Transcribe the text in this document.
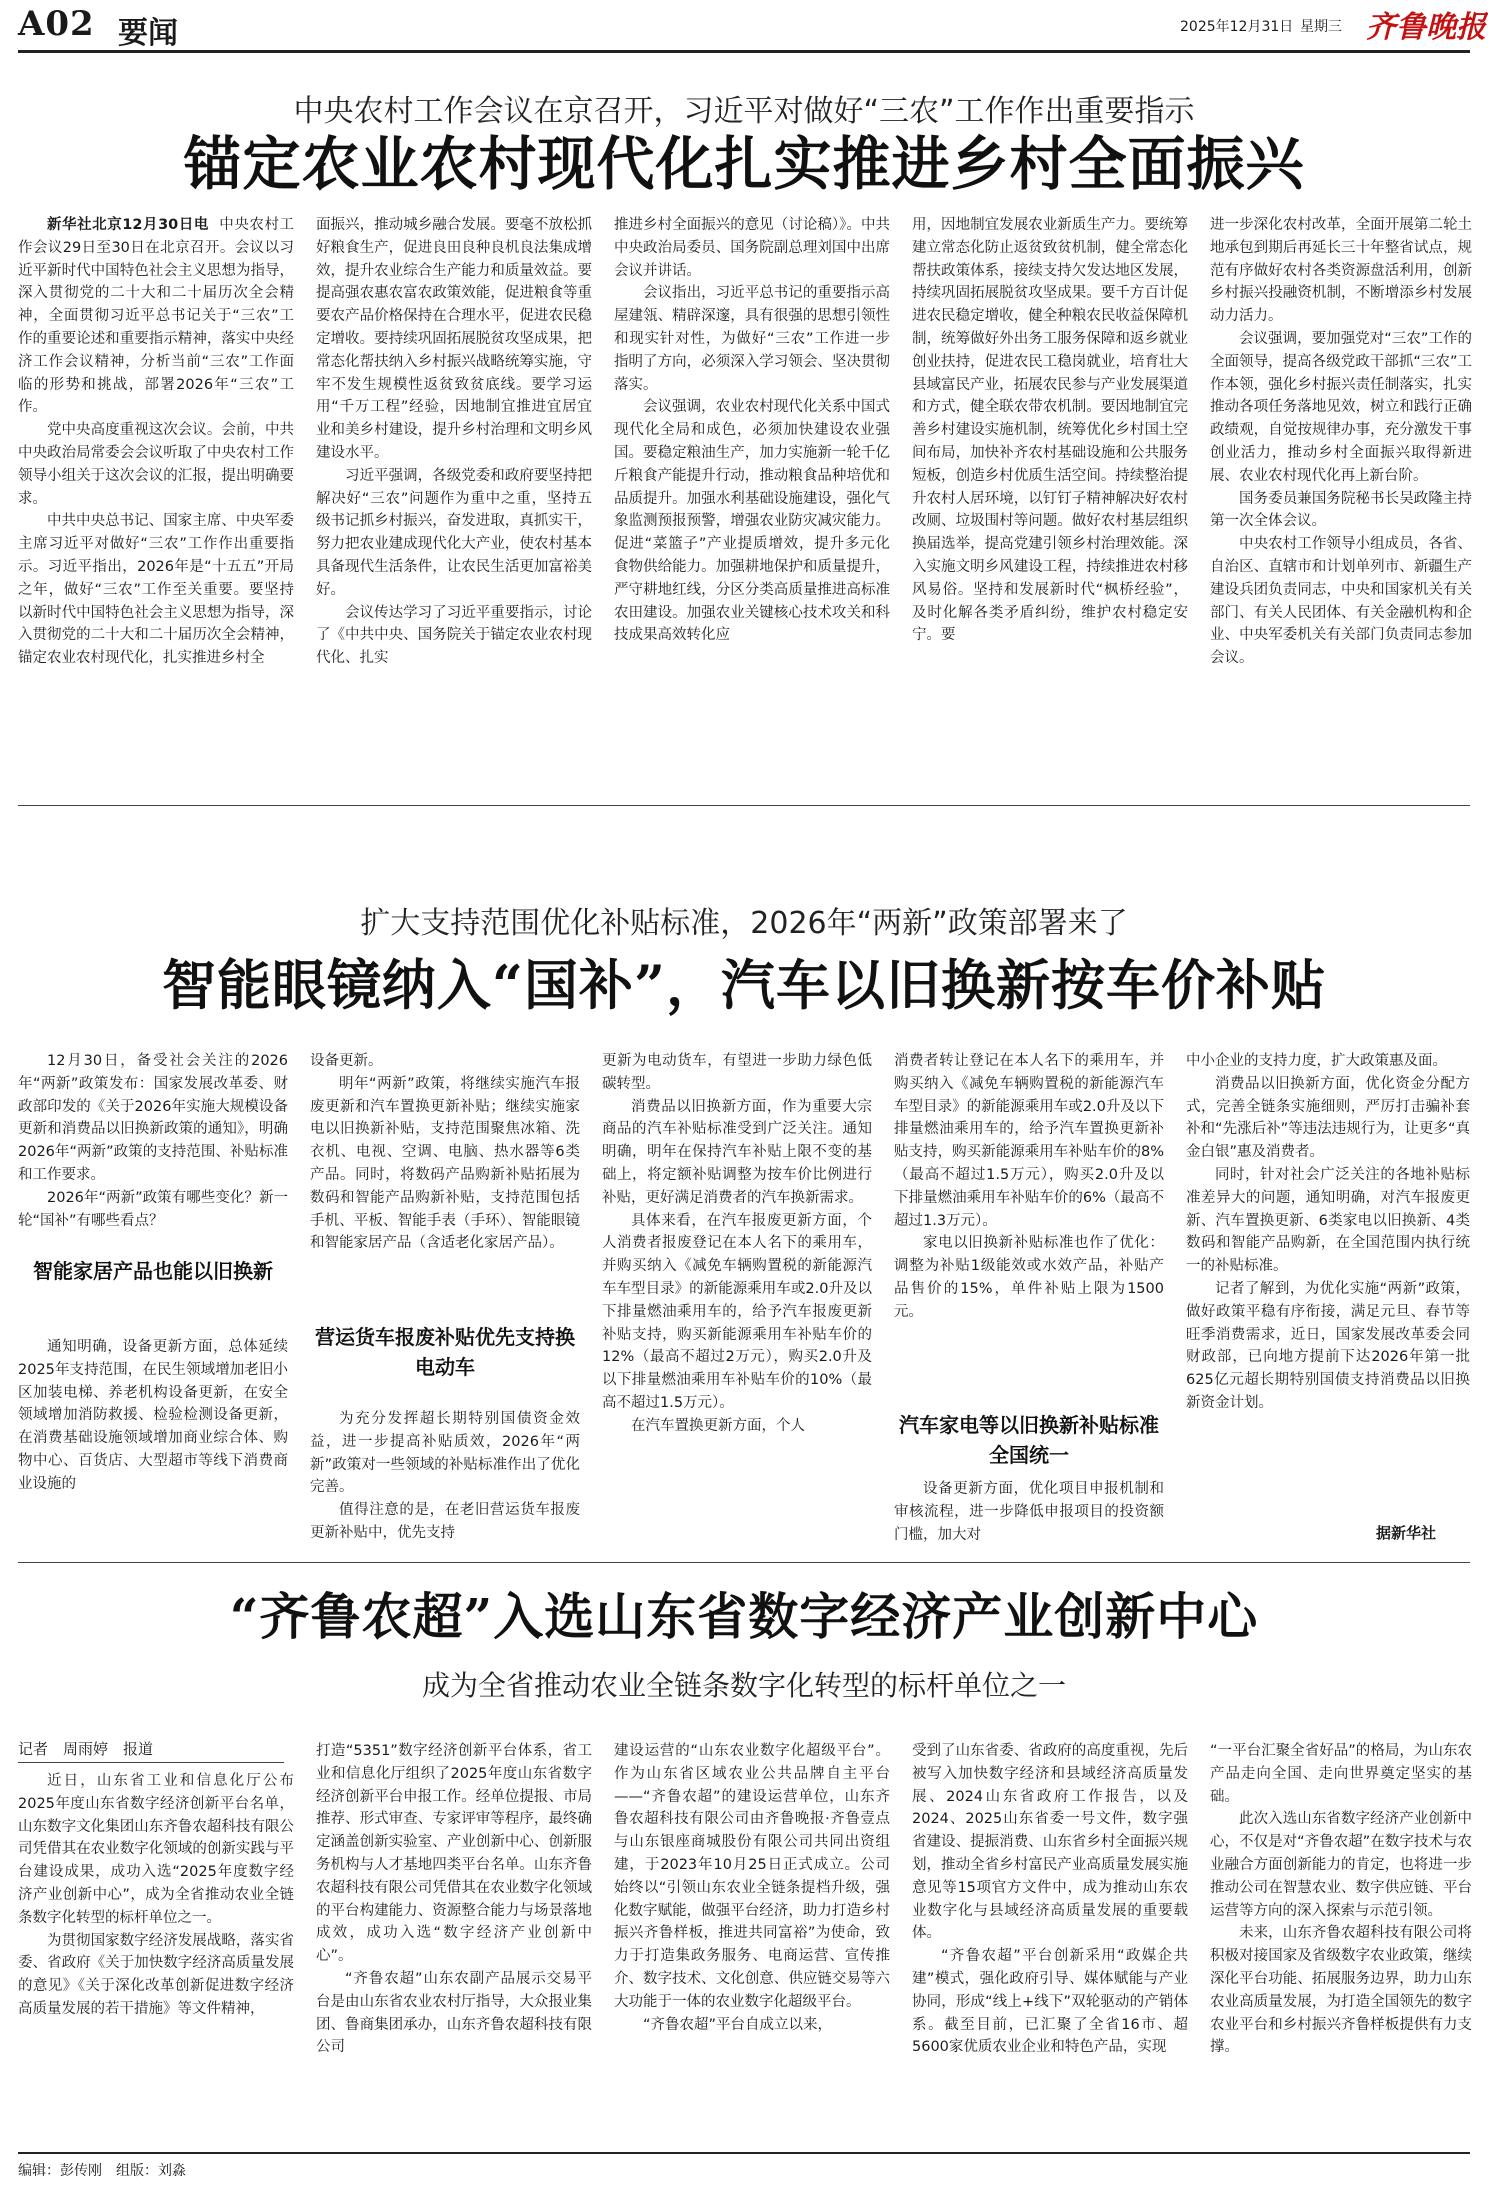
A02 要闻	2025年12月31日 星期三 齐鲁晚报
中央农村工作会议在京召开，习近平对做好“三农”工作作出重要指示
锚定农业农村现代化扎实推进乡村全面振兴

新华社北京12月30日电 中央农村工作会议29日至30日在北京召开。会议以习近平新时代中国特色社会主义思想为指导，深入贯彻党的二十大和二十届历次全会精神，全面贯彻习近平总书记关于“三农”工作的重要论述和重要指示精神，落实中央经济工作会议精神，分析当前“三农”工作面临的形势和挑战，部署2026年“三农”工作。

党中央高度重视这次会议。会前，中共中央政治局常委会会议听取了中央农村工作领导小组关于这次会议的汇报，提出明确要求。

中共中央总书记、国家主席、中央军委主席习近平对做好“三农”工作作出重要指示。习近平指出，2026年是“十五五”开局之年，做好“三农”工作至关重要。要坚持以新时代中国特色社会主义思想为指导，深入贯彻党的二十大和二十届历次全会精神，锚定农业农村现代化，扎实推进乡村全

面振兴，推动城乡融合发展。要毫不放松抓好粮食生产，促进良田良种良机良法集成增效，提升农业综合生产能力和质量效益。要提高强农惠农富农政策效能，促进粮食等重要农产品价格保持在合理水平，促进农民稳定增收。要持续巩固拓展脱贫攻坚成果，把常态化帮扶纳入乡村振兴战略统筹实施，守牢不发生规模性返贫致贫底线。要学习运用“千万工程”经验，因地制宜推进宜居宜业和美乡村建设，提升乡村治理和文明乡风建设水平。

习近平强调，各级党委和政府要坚持把解决好“三农”问题作为重中之重，坚持五级书记抓乡村振兴，奋发进取，真抓实干，努力把农业建成现代化大产业，使农村基本具备现代生活条件，让农民生活更加富裕美好。

会议传达学习了习近平重要指示，讨论了《中共中央、国务院关于锚定农业农村现代化、扎实

推进乡村全面振兴的意见（讨论稿）》。中共中央政治局委员、国务院副总理刘国中出席会议并讲话。

会议指出，习近平总书记的重要指示高屋建瓴、精辟深邃，具有很强的思想引领性和现实针对性，为做好“三农”工作进一步指明了方向，必须深入学习领会、坚决贯彻落实。

会议强调，农业农村现代化关系中国式现代化全局和成色，必须加快建设农业强国。要稳定粮油生产，加力实施新一轮千亿斤粮食产能提升行动，推动粮食品种培优和品质提升。加强水利基础设施建设，强化气象监测预报预警，增强农业防灾减灾能力。促进“菜篮子”产业提质增效，提升多元化食物供给能力。加强耕地保护和质量提升，严守耕地红线，分区分类高质量推进高标准农田建设。加强农业关键核心技术攻关和科技成果高效转化应

用，因地制宜发展农业新质生产力。要统筹建立常态化防止返贫致贫机制，健全常态化帮扶政策体系，接续支持欠发达地区发展，持续巩固拓展脱贫攻坚成果。要千方百计促进农民稳定增收，健全种粮农民收益保障机制，统筹做好外出务工服务保障和返乡就业创业扶持，促进农民工稳岗就业，培育壮大县域富民产业，拓展农民参与产业发展渠道和方式，健全联农带农机制。要因地制宜完善乡村建设实施机制，统筹优化乡村国土空间布局，加快补齐农村基础设施和公共服务短板，创造乡村优质生活空间。持续整治提升农村人居环境，以钉钉子精神解决好农村改厕、垃圾围村等问题。做好农村基层组织换届选举，提高党建引领乡村治理效能。深入实施文明乡风建设工程，持续推进农村移风易俗。坚持和发展新时代“枫桥经验”，及时化解各类矛盾纠纷，维护农村稳定安宁。要

进一步深化农村改革，全面开展第二轮土地承包到期后再延长三十年整省试点，规范有序做好农村各类资源盘活利用，创新乡村振兴投融资机制，不断增添乡村发展动力活力。

会议强调，要加强党对“三农”工作的全面领导，提高各级党政干部抓“三农”工作本领，强化乡村振兴责任制落实，扎实推动各项任务落地见效，树立和践行正确政绩观，自觉按规律办事，充分激发干事创业活力，推动乡村全面振兴取得新进展、农业农村现代化再上新台阶。

国务委员兼国务院秘书长吴政隆主持第一次全体会议。

中央农村工作领导小组成员，各省、自治区、直辖市和计划单列市、新疆生产建设兵团负责同志，中央和国家机关有关部门、有关人民团体、有关金融机构和企业、中央军委机关有关部门负责同志参加会议。

扩大支持范围优化补贴标准，2026年“两新”政策部署来了
智能眼镜纳入“国补”，汽车以旧换新按车价补贴

12月30日，备受社会关注的2026年“两新”政策发布：国家发展改革委、财政部印发的《关于2026年实施大规模设备更新和消费品以旧换新政策的通知》，明确2026年“两新”政策的支持范围、补贴标准和工作要求。

2026年“两新”政策有哪些变化？新一轮“国补”有哪些看点？

智能家居产品也能以旧换新

通知明确，设备更新方面，总体延续2025年支持范围，在民生领域增加老旧小区加装电梯、养老机构设备更新，在安全领域增加消防救援、检验检测设备更新，在消费基础设施领域增加商业综合体、购物中心、百货店、大型超市等线下消费商业设施的

设备更新。

明年“两新”政策，将继续实施汽车报废更新和汽车置换更新补贴；继续实施家电以旧换新补贴，支持范围聚焦冰箱、洗衣机、电视、空调、电脑、热水器等6类产品。同时，将数码产品购新补贴拓展为数码和智能产品购新补贴，支持范围包括手机、平板、智能手表（手环）、智能眼镜和智能家居产品（含适老化家居产品）。

营运货车报废补贴优先支持换电动车

为充分发挥超长期特别国债资金效益，进一步提高补贴质效，2026年“两新”政策对一些领域的补贴标准作出了优化完善。

值得注意的是，在老旧营运货车报废更新补贴中，优先支持

更新为电动货车，有望进一步助力绿色低碳转型。

消费品以旧换新方面，作为重要大宗商品的汽车补贴标准受到广泛关注。通知明确，明年在保持汽车补贴上限不变的基础上，将定额补贴调整为按车价比例进行补贴，更好满足消费者的汽车换新需求。

具体来看，在汽车报废更新方面，个人消费者报废登记在本人名下的乘用车，并购买纳入《减免车辆购置税的新能源汽车车型目录》的新能源乘用车或2.0升及以下排量燃油乘用车的，给予汽车报废更新补贴支持，购买新能源乘用车补贴车价的12%（最高不超过2万元），购买2.0升及以下排量燃油乘用车补贴车价的10%（最高不超过1.5万元）。

在汽车置换更新方面，个人

消费者转让登记在本人名下的乘用车，并购买纳入《减免车辆购置税的新能源汽车车型目录》的新能源乘用车或2.0升及以下排量燃油乘用车的，给予汽车置换更新补贴支持，购买新能源乘用车补贴车价的8%（最高不超过1.5万元），购买2.0升及以下排量燃油乘用车补贴车价的6%（最高不超过1.3万元）。

家电以旧换新补贴标准也作了优化：调整为补贴1级能效或水效产品，补贴产品售价的15%，单件补贴上限为1500元。

汽车家电等以旧换新补贴标准全国统一

设备更新方面，优化项目申报机制和审核流程，进一步降低申报项目的投资额门槛，加大对

中小企业的支持力度，扩大政策惠及面。

消费品以旧换新方面，优化资金分配方式，完善全链条实施细则，严厉打击骗补套补和“先涨后补”等违法违规行为，让更多“真金白银”惠及消费者。

同时，针对社会广泛关注的各地补贴标准差异大的问题，通知明确，对汽车报废更新、汽车置换更新、6类家电以旧换新、4类数码和智能产品购新，在全国范围内执行统一的补贴标准。

记者了解到，为优化实施“两新”政策，做好政策平稳有序衔接，满足元旦、春节等旺季消费需求，近日，国家发展改革委会同财政部，已向地方提前下达2026年第一批625亿元超长期特别国债支持消费品以旧换新资金计划。

据新华社
“齐鲁农超”入选山东省数字经济产业创新中心
成为全省推动农业全链条数字化转型的标杆单位之一
记者　周雨婷　报道

近日，山东省工业和信息化厅公布2025年度山东省数字经济创新平台名单，山东数字文化集团山东齐鲁农超科技有限公司凭借其在农业数字化领域的创新实践与平台建设成果，成功入选“2025年度数字经济产业创新中心”，成为全省推动农业全链条数字化转型的标杆单位之一。

为贯彻国家数字经济发展战略，落实省委、省政府《关于加快数字经济高质量发展的意见》《关于深化改革创新促进数字经济高质量发展的若干措施》等文件精神，

打造“5351”数字经济创新平台体系，省工业和信息化厅组织了2025年度山东省数字经济创新平台申报工作。经单位提报、市局推荐、形式审查、专家评审等程序，最终确定涵盖创新实验室、产业创新中心、创新服务机构与人才基地四类平台名单。山东齐鲁农超科技有限公司凭借其在农业数字化领域的平台构建能力、资源整合能力与场景落地成效，成功入选“数字经济产业创新中心”。

“齐鲁农超”山东农副产品展示交易平台是由山东省农业农村厅指导，大众报业集团、鲁商集团承办，山东齐鲁农超科技有限公司

建设运营的“山东农业数字化超级平台”。作为山东省区域农业公共品牌自主平台——“齐鲁农超”的建设运营单位，山东齐鲁农超科技有限公司由齐鲁晚报·齐鲁壹点与山东银座商城股份有限公司共同出资组建，于2023年10月25日正式成立。公司始终以“引领山东农业全链条提档升级，强化数字赋能，做强平台经济，助力打造乡村振兴齐鲁样板，推进共同富裕”为使命，致力于打造集政务服务、电商运营、宣传推介、数字技术、文化创意、供应链交易等六大功能于一体的农业数字化超级平台。

“齐鲁农超”平台自成立以来，

受到了山东省委、省政府的高度重视，先后被写入加快数字经济和县域经济高质量发展、2024山东省政府工作报告，以及2024、2025山东省委一号文件，数字强省建设、提振消费、山东省乡村全面振兴规划，推动全省乡村富民产业高质量发展实施意见等15项官方文件中，成为推动山东农业数字化与县域经济高质量发展的重要载体。

“齐鲁农超”平台创新采用“政媒企共建”模式，强化政府引导、媒体赋能与产业协同，形成“线上+线下”双轮驱动的产销体系。截至目前，已汇聚了全省16市、超5600家优质农业企业和特色产品，实现

“一平台汇聚全省好品”的格局，为山东农产品走向全国、走向世界奠定坚实的基础。

此次入选山东省数字经济产业创新中心，不仅是对“齐鲁农超”在数字技术与农业融合方面创新能力的肯定，也将进一步推动公司在智慧农业、数字供应链、平台运营等方向的深入探索与示范引领。

未来，山东齐鲁农超科技有限公司将积极对接国家及省级数字农业政策，继续深化平台功能、拓展服务边界，助力山东农业高质量发展，为打造全国领先的数字农业平台和乡村振兴齐鲁样板提供有力支撑。

编辑：彭传刚　组版：刘淼
